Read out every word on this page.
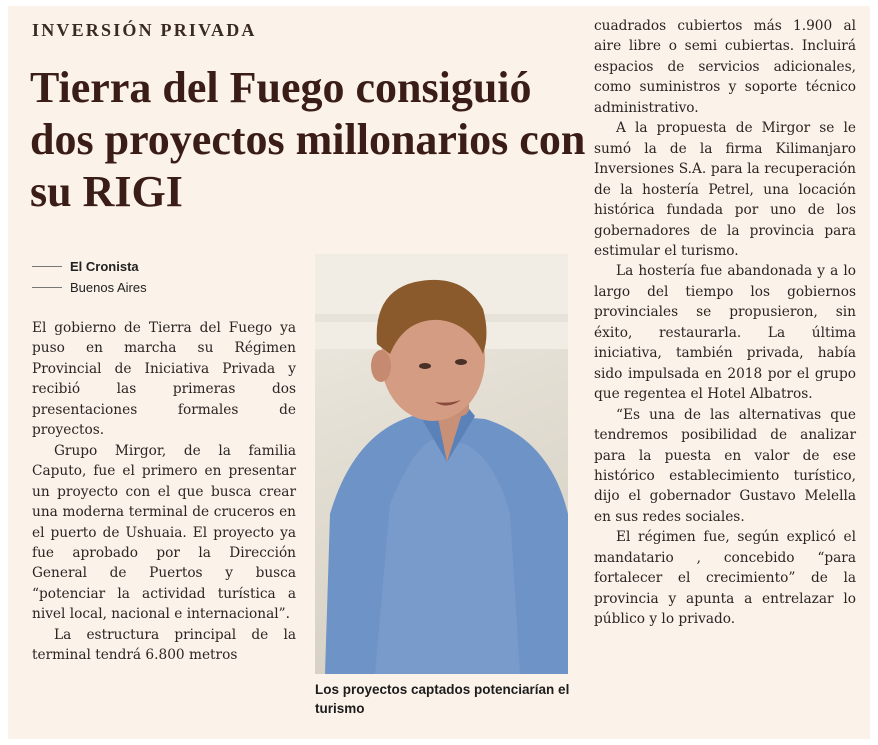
INVERSIÓN PRIVADA
Tierra del Fuego consiguió dos proyectos millonarios con su RIGI
El Cronista
Buenos Aires

El gobierno de Tierra del Fuego ya puso en marcha su Régimen Provincial de Iniciativa Privada y recibió las primeras dos presentaciones formales de proyectos.

Grupo Mirgor, de la familia Caputo, fue el primero en presentar un proyecto con el que busca crear una moderna terminal de cruceros en el puerto de Ushuaia. El proyecto ya fue aprobado por la Dirección General de Puertos y busca “potenciar la actividad turística a nivel local, nacional e internacional”.

La estructura principal de la terminal tendrá 6.800 metros

Los proyectos captados potenciarían el turismo

cuadrados cubiertos más 1.900 al aire libre o semi cubiertas. Incluirá espacios de servicios adicionales, como suministros y soporte técnico administrativo.

A la propuesta de Mirgor se le sumó la de la firma Kilimanjaro Inversiones S.A. para la recuperación de la hostería Petrel, una locación histórica fundada por uno de los gobernadores de la provincia para estimular el turismo.

La hostería fue abandonada y a lo largo del tiempo los gobiernos provinciales se propusieron, sin éxito, restaurarla. La última iniciativa, también privada, había sido impulsada en 2018 por el grupo que regentea el Hotel Albatros.

“Es una de las alternativas que tendremos posibilidad de analizar para la puesta en valor de ese histórico establecimiento turístico, dijo el gobernador Gustavo Melella en sus redes sociales.

El régimen fue, según explicó el mandatario , concebido “para fortalecer el crecimiento” de la provincia y apunta a entrelazar lo público y lo privado.
